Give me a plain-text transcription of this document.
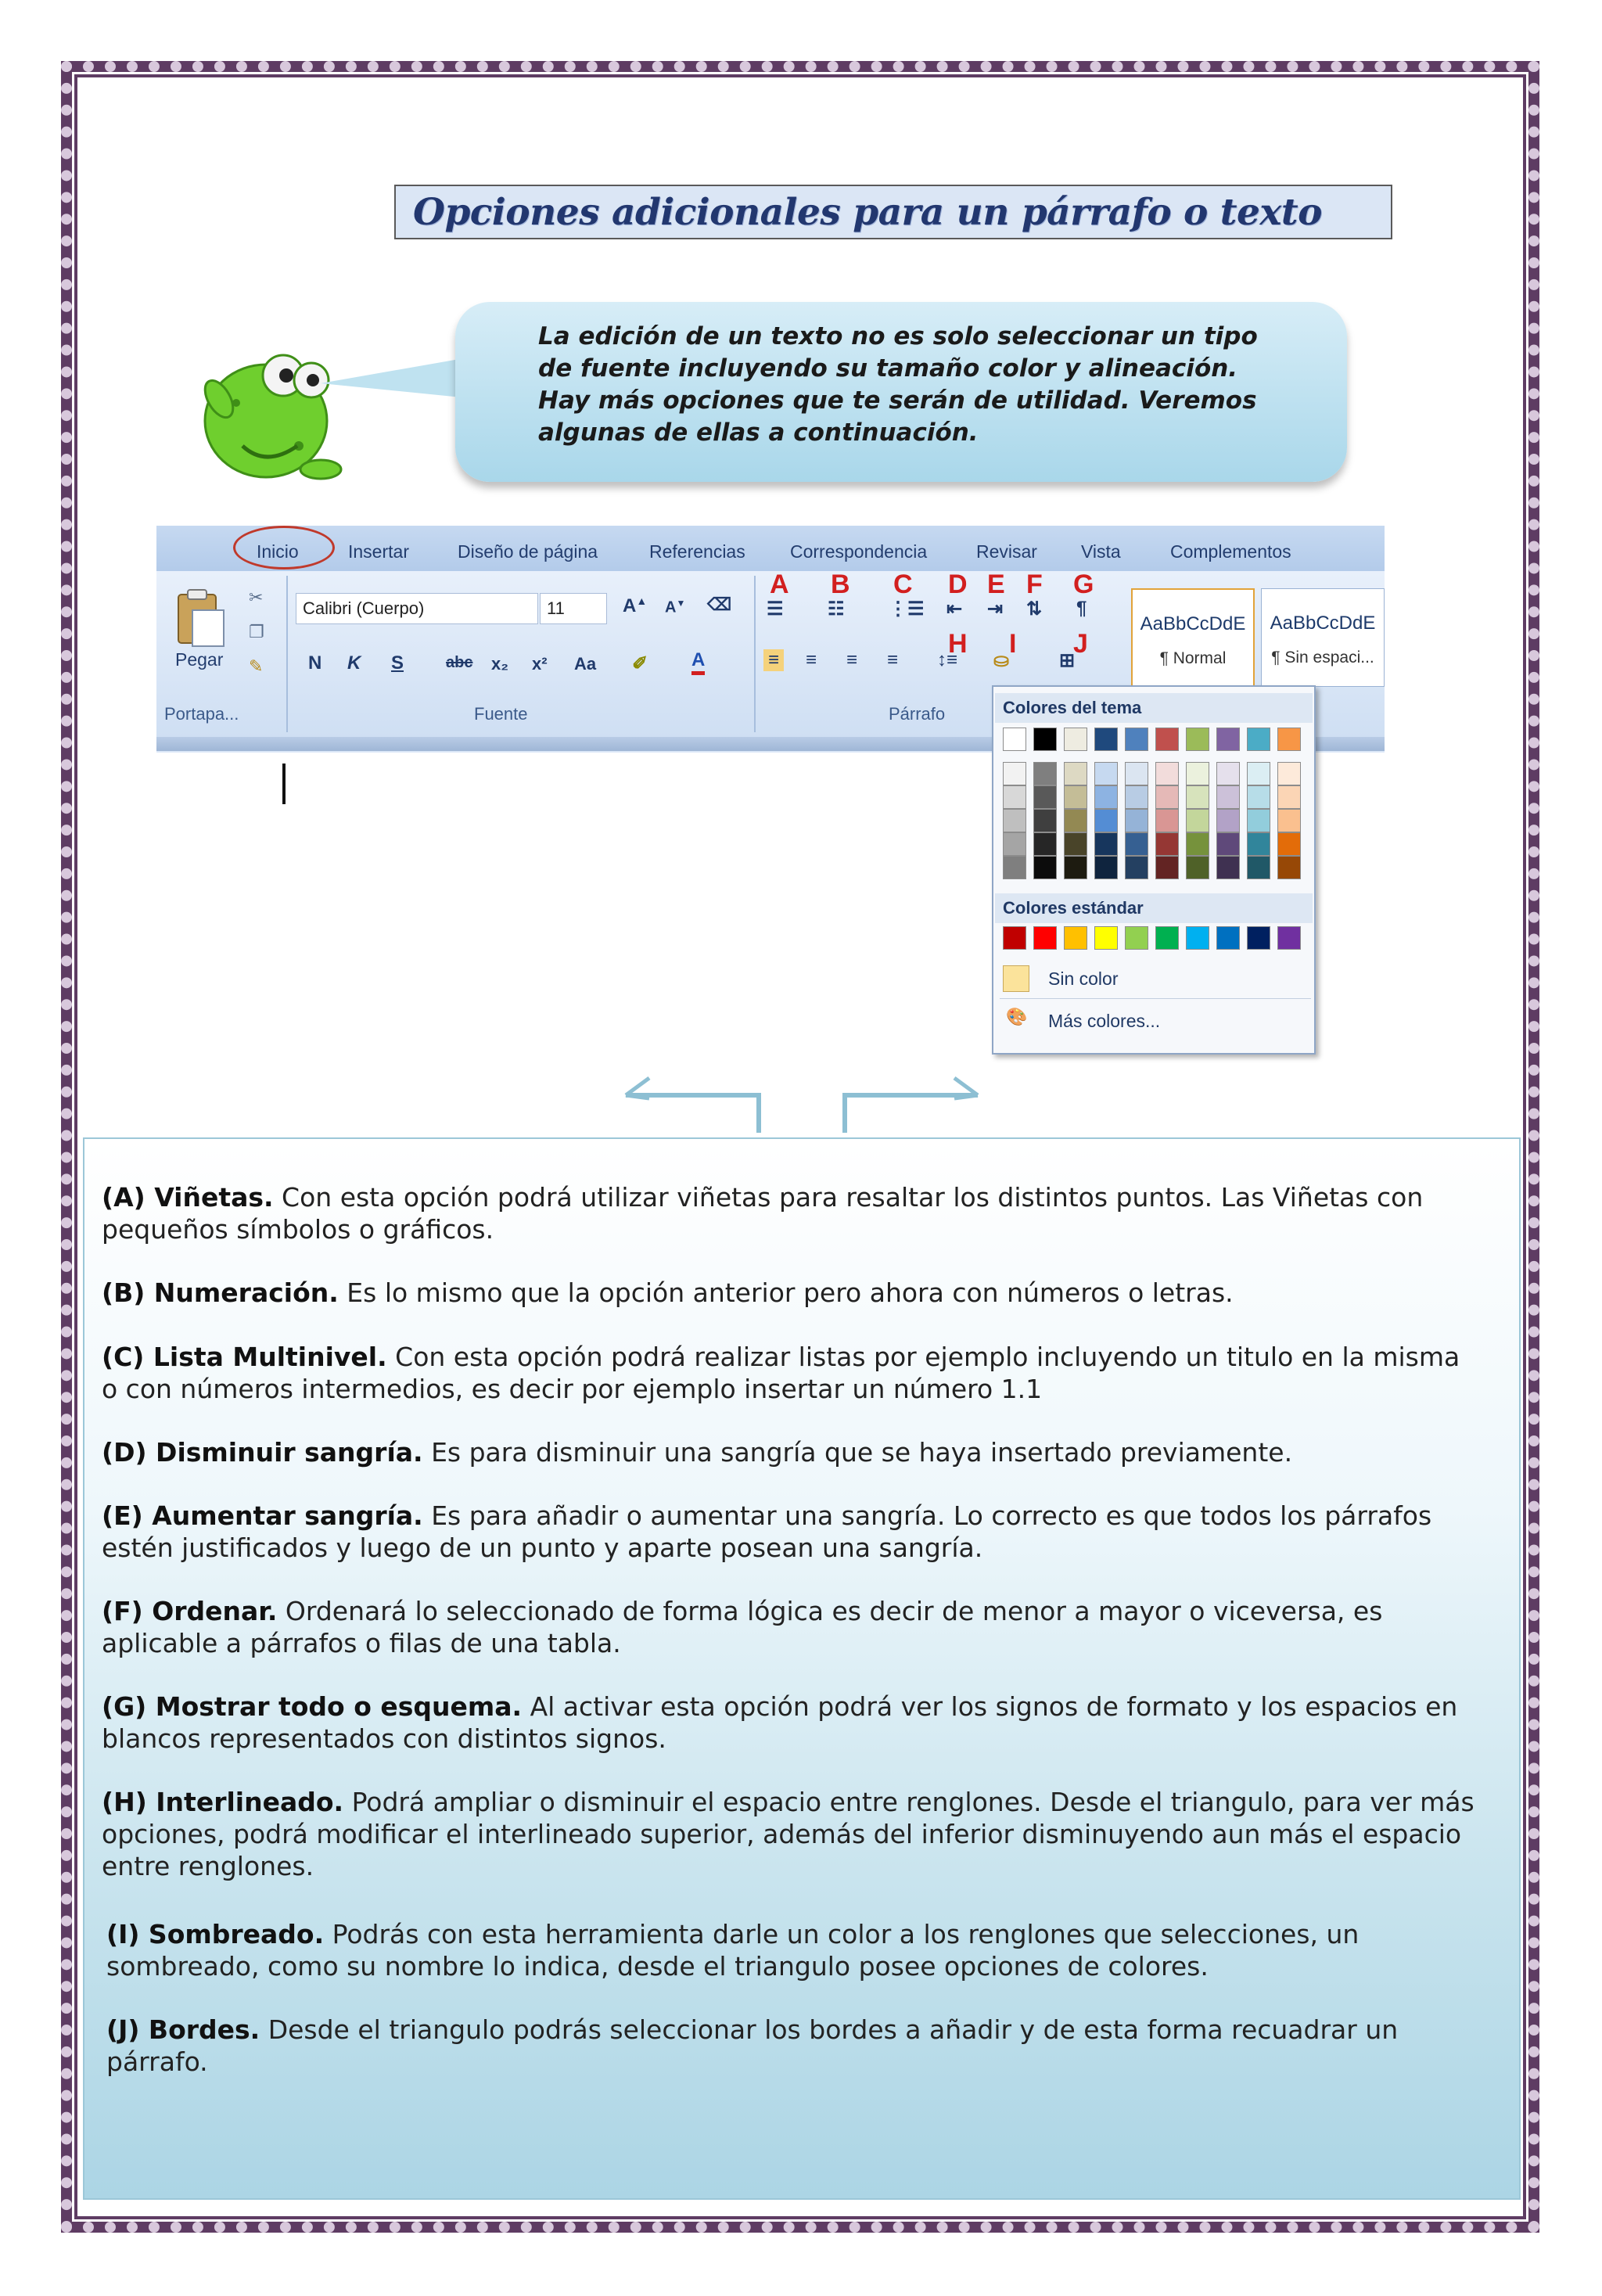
Opciones adicionales para un párrafo o texto
La edición de un texto no es solo seleccionar un tipo de fuente incluyendo su tamaño color y alineación. Hay más opciones que te serán de utilidad. Veremos algunas de ellas a continuación.
Inicio	Insertar	Diseño de página	Referencias Correspondencia	Revisar Vista	Complementos
Pegar
✂
❐
✎
Portapa...
Calibri (Cuerpo)	11	A▲ A▼ ⌫
N K S	abc x₂ x² Aa ✐ A
Fuente
A B C D E F G
☰ ☷ ⋮☰ ⇤ ⇥ ⇅ ¶
H I J
≡ ≡ ≡ ≡ ↕≡ ⛀	⊞
Párrafo
AaBbCcDdE
¶ Normal
AaBbCcDdE
¶ Sin espaci...
Colores del tema
Colores estándar
Sin color
🎨 Más colores...

(A) Viñetas. Con esta opción podrá utilizar viñetas para resaltar los distintos puntos. Las Viñetas con pequeños símbolos o gráficos.

(B) Numeración. Es lo mismo que la opción anterior pero ahora con números o letras.

(C) Lista Multinivel. Con esta opción podrá realizar listas por ejemplo incluyendo un titulo en la misma o con números intermedios, es decir por ejemplo insertar un número 1.1

(D) Disminuir sangría. Es para disminuir una sangría que se haya insertado previamente.

(E) Aumentar sangría. Es para añadir o aumentar una sangría. Lo correcto es que todos los párrafos estén justificados y luego de un punto y aparte posean una sangría.

(F) Ordenar. Ordenará lo seleccionado de forma lógica es decir de menor a mayor o viceversa, es aplicable a párrafos o filas de una tabla.

(G) Mostrar todo o esquema. Al activar esta opción podrá ver los signos de formato y los espacios en blancos representados con distintos signos.

(H) Interlineado. Podrá ampliar o disminuir el espacio entre renglones. Desde el triangulo, para ver más opciones, podrá modificar el interlineado superior, además del inferior disminuyendo aun más el espacio entre renglones.

(I) Sombreado. Podrás con esta herramienta darle un color a los renglones que selecciones, un sombreado, como su nombre lo indica, desde el triangulo posee opciones de colores.

(J) Bordes. Desde el triangulo podrás seleccionar los bordes a añadir y de esta forma recuadrar un párrafo.
